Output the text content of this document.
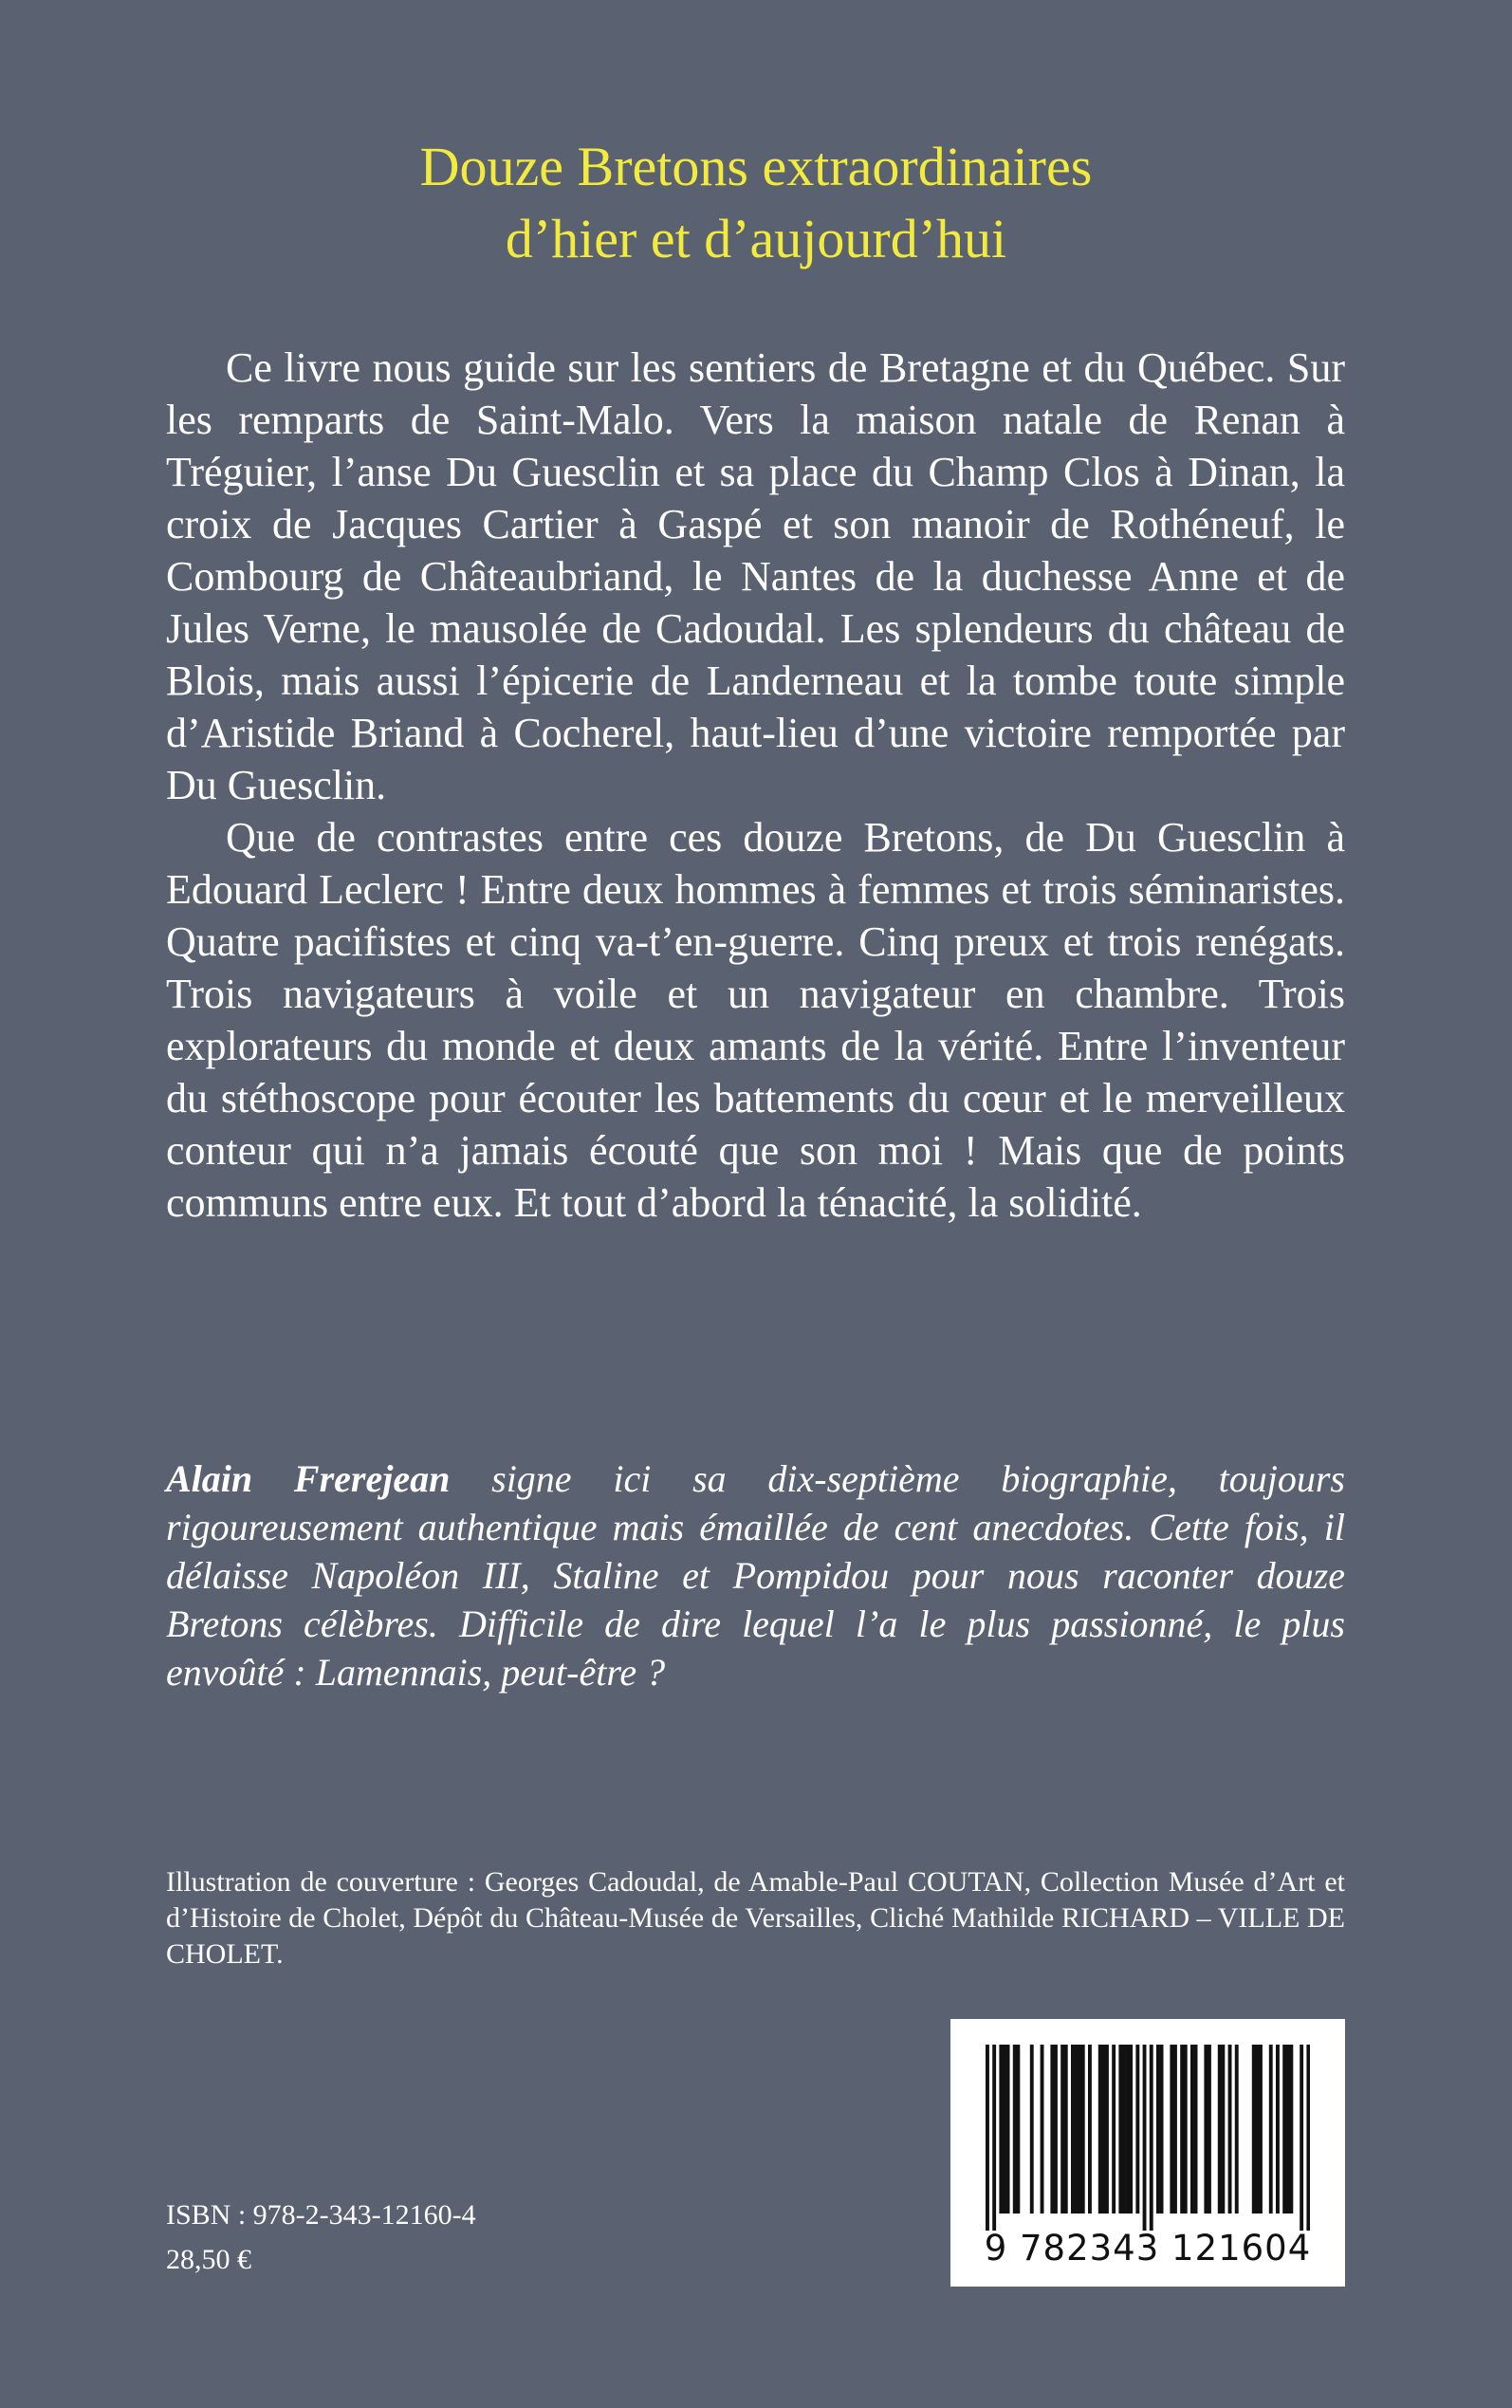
Douze Bretons extraordinaires
d’hier et d’aujourd’hui

Ce livre nous guide sur les sentiers de Bretagne et du Québec. Sur les remparts de Saint-Malo. Vers la maison natale de Renan à Tréguier, l’anse Du Guesclin et sa place du Champ Clos à Dinan, la croix de Jacques Cartier à Gaspé et son manoir de Rothéneuf, le Combourg de Châteaubriand, le Nantes de la duchesse Anne et de Jules Verne, le mausolée de Cadoudal. Les splendeurs du château de Blois, mais aussi l’épicerie de Landerneau et la tombe toute simple d’Aristide Briand à Cocherel, haut-lieu d’une victoire remportée par Du Guesclin.

Que de contrastes entre ces douze Bretons, de Du Guesclin à Edouard Leclerc ! Entre deux hommes à femmes et trois séminaristes. Quatre pacifistes et cinq va-t’en-guerre. Cinq preux et trois renégats. Trois navigateurs à voile et un navigateur en chambre. Trois explorateurs du monde et deux amants de la vérité. Entre l’inventeur du stéthoscope pour écouter les battements du cœur et le merveilleux conteur qui n’a jamais écouté que son moi ! Mais que de points communs entre eux. Et tout d’abord la ténacité, la solidité.

Alain Frerejean signe ici sa dix-septième biographie, toujours rigoureusement authentique mais émaillée de cent anecdotes. Cette fois, il délaisse Napoléon III, Staline et Pompidou pour nous raconter douze Bretons célèbres. Difficile de dire lequel l’a le plus passionné, le plus envoûté : Lamennais, peut-être ?
Illustration de couverture : Georges Cadoudal, de Amable-Paul COUTAN, Collection Musée d’Art et d’Histoire de Cholet, Dépôt du Château-Musée de Versailles, Cliché Mathilde RICHARD – VILLE DE CHOLET.
ISBN : 978-2-343-12160-4
28,50 €	9 782343 121604
